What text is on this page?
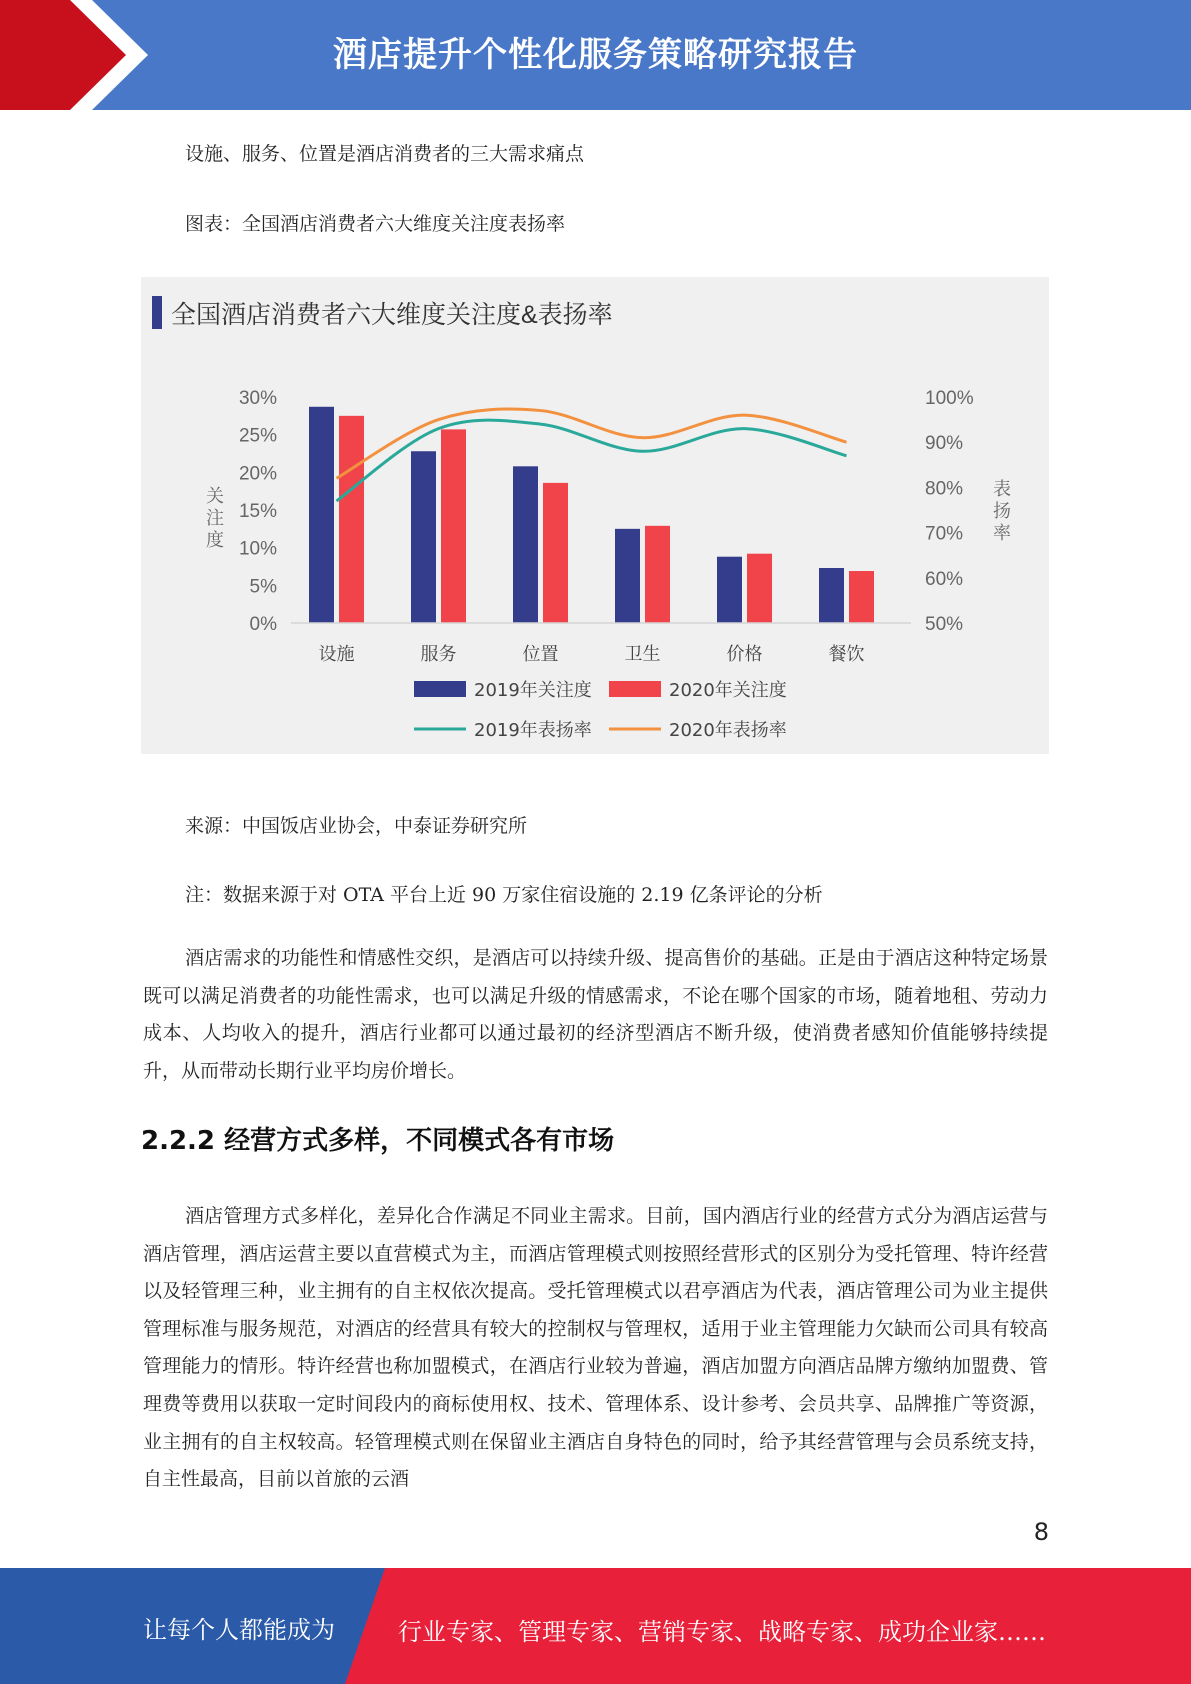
酒店提升个性化服务策略研究报告
设施、服务、位置是酒店消费者的三大需求痛点
图表：全国酒店消费者六大维度关注度表扬率
全国酒店消费者六大维度关注度&表扬率
0%
5%
10%
15%
20%
25%
30%
50%
60%
70%
80%
90%
100%
关
注
度
表
扬
率
设施	服务	位置	卫生	价格	餐饮
2019年关注度	2020年关注度
2019年表扬率	2020年表扬率
来源：中国饭店业协会，中泰证券研究所
注：数据来源于对 OTA 平台上近 90 万家住宿设施的 2.19 亿条评论的分析

酒店需求的功能性和情感性交织，是酒店可以持续升级、提高售价的基础。正是由于酒店这种特定场景既可以满足消费者的功能性需求，也可以满足升级的情感需求，不论在哪个国家的市场，随着地租、劳动力成本、人均收入的提升，酒店行业都可以通过最初的经济型酒店不断升级，使消费者感知价值能够持续提升，从而带动长期行业平均房价增长。

2.2.2 经营方式多样，不同模式各有市场

酒店管理方式多样化，差异化合作满足不同业主需求。目前，国内酒店行业的经营方式分为酒店运营与酒店管理，酒店运营主要以直营模式为主，而酒店管理模式则按照经营形式的区别分为受托管理、特许经营以及轻管理三种，业主拥有的自主权依次提高。受托管理模式以君亭酒店为代表，酒店管理公司为业主提供管理标准与服务规范，对酒店的经营具有较大的控制权与管理权，适用于业主管理能力欠缺而公司具有较高管理能力的情形。特许经营也称加盟模式，在酒店行业较为普遍，酒店加盟方向酒店品牌方缴纳加盟费、管理费等费用以获取一定时间段内的商标使用权、技术、管理体系、设计参考、会员共享、品牌推广等资源，业主拥有的自主权较高。轻管理模式则在保留业主酒店自身特色的同时，给予其经营管理与会员系统支持，自主性最高，目前以首旅的云酒

8
让每个人都能成为	行业专家、管理专家、营销专家、战略专家、成功企业家……
